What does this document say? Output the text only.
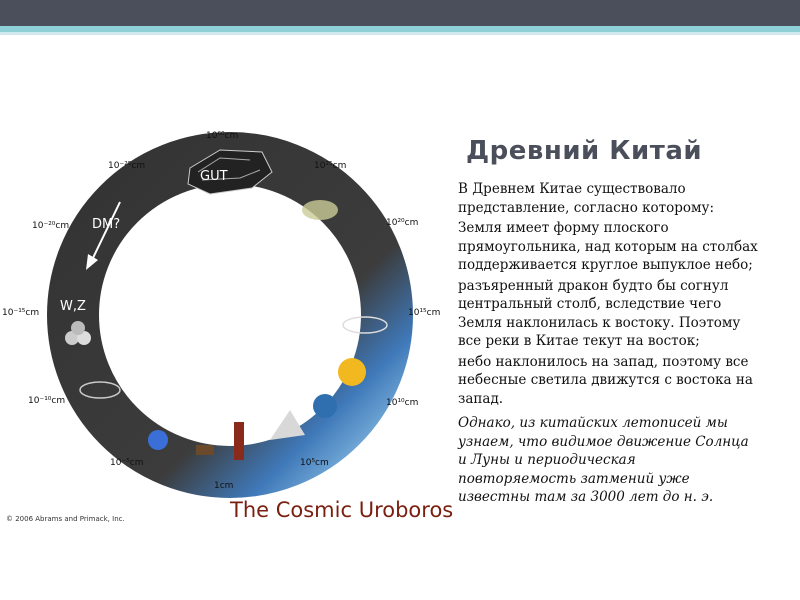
GUT
DM?
W,Z
10⁶⁰cm
10²⁵cm
10²⁰cm
10¹⁵cm
10¹⁰cm
10⁵cm
1cm
10⁻⁵cm
10⁻¹⁰cm
10⁻¹⁵cm
10⁻²⁰cm
10⁻²⁵cm	Древний Китай

В Древнем Китае существовало представление, согласно которому:

Земля имеет форму плоского прямоугольника, над которым на столбах поддерживается круглое выпуклое небо;

разъяренный дракон будто бы согнул центральный столб, вследствие чего Земля наклонилась к востоку. Поэтому все реки в Китае текут на восток;

небо наклонилось на запад, поэтому все небесные светила движутся с востока на запад.

Однако, из китайских летописей мы узнаем, что видимое движение Солнца и Луны и периодическая повторяемость затмений уже известны там за 3000 лет до н. э.

The Cosmic Uroboros
© 2006 Abrams and Primack, Inc.
